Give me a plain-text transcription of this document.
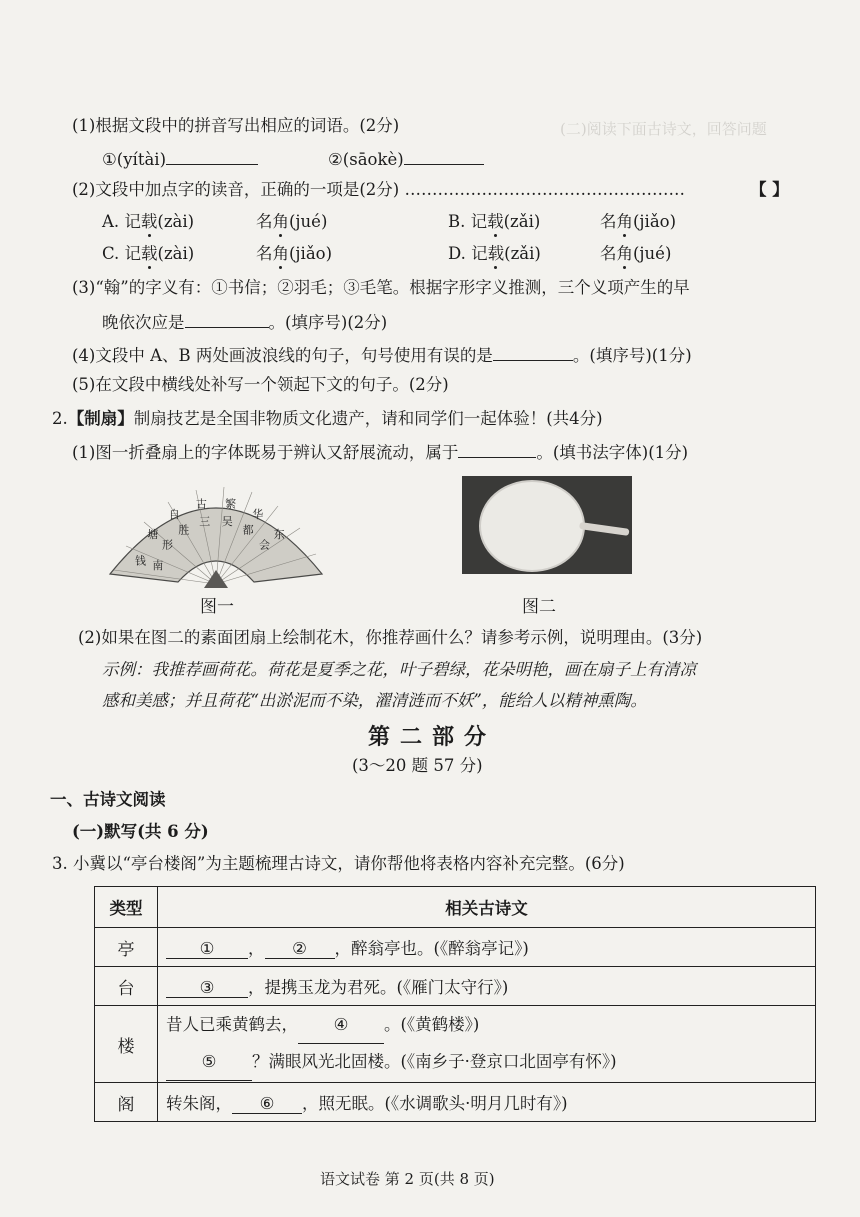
(二)阅读下面古诗文，回答问题
(1)根据文段中的拼音写出相应的词语。(2分)
①(yítài)	②(sāokè)
(2)文段中加点字的读音，正确的一项是(2分) ……………………………………………	【 】
A. 记载(zài)	名角(jué)	B. 记载(zǎi)	名角(jiǎo)
C. 记载(zài)	名角(jiǎo)	D. 记载(zǎi)	名角(jué)
(3)“翰”的字义有：①书信；②羽毛；③毛笔。根据字形字义推测，三个义项产生的早
晚依次应是	。(填序号)(2分)
(4)文段中 A、B 两处画波浪线的句子，句号使用有误的是	。(填序号)(1分)
(5)在文段中横线处补写一个领起下文的句子。(2分)
2.【制扇】制扇技艺是全国非物质文化遗产，请和同学们一起体验！(共4分)
(1)图一折叠扇上的字体既易于辨认又舒展流动，属于	。(填书法字体)(1分)
钱
塘
自
古 繁
华
东
南
形
胜
三 吴
都
会
图一	图二
(2)如果在图二的素面团扇上绘制花木，你推荐画什么？请参考示例，说明理由。(3分)
示例：我推荐画荷花。荷花是夏季之花，叶子碧绿，花朵明艳，画在扇子上有清凉
感和美感；并且荷花“出淤泥而不染，濯清涟而不妖”，能给人以精神熏陶。
第二部分
(3～20 题 57 分)
一、古诗文阅读
(一)默写(共 6 分)
3. 小冀以“亭台楼阁”为主题梳理古诗文，请你帮他将表格内容补充完整。(6分)
类型	相关古诗文
亭	① ， ② ，醉翁亭也。(《醉翁亭记》)
台	③ ，提携玉龙为君死。(《雁门太守行》)
楼	昔人已乘黄鹤去， ④ 。(《黄鹤楼》)
⑤ ？满眼风光北固楼。(《南乡子·登京口北固亭有怀》)

阁	转朱阁， ⑥ ，照无眠。(《水调歌头·明月几时有》)
语文试卷 第 2 页(共 8 页)
